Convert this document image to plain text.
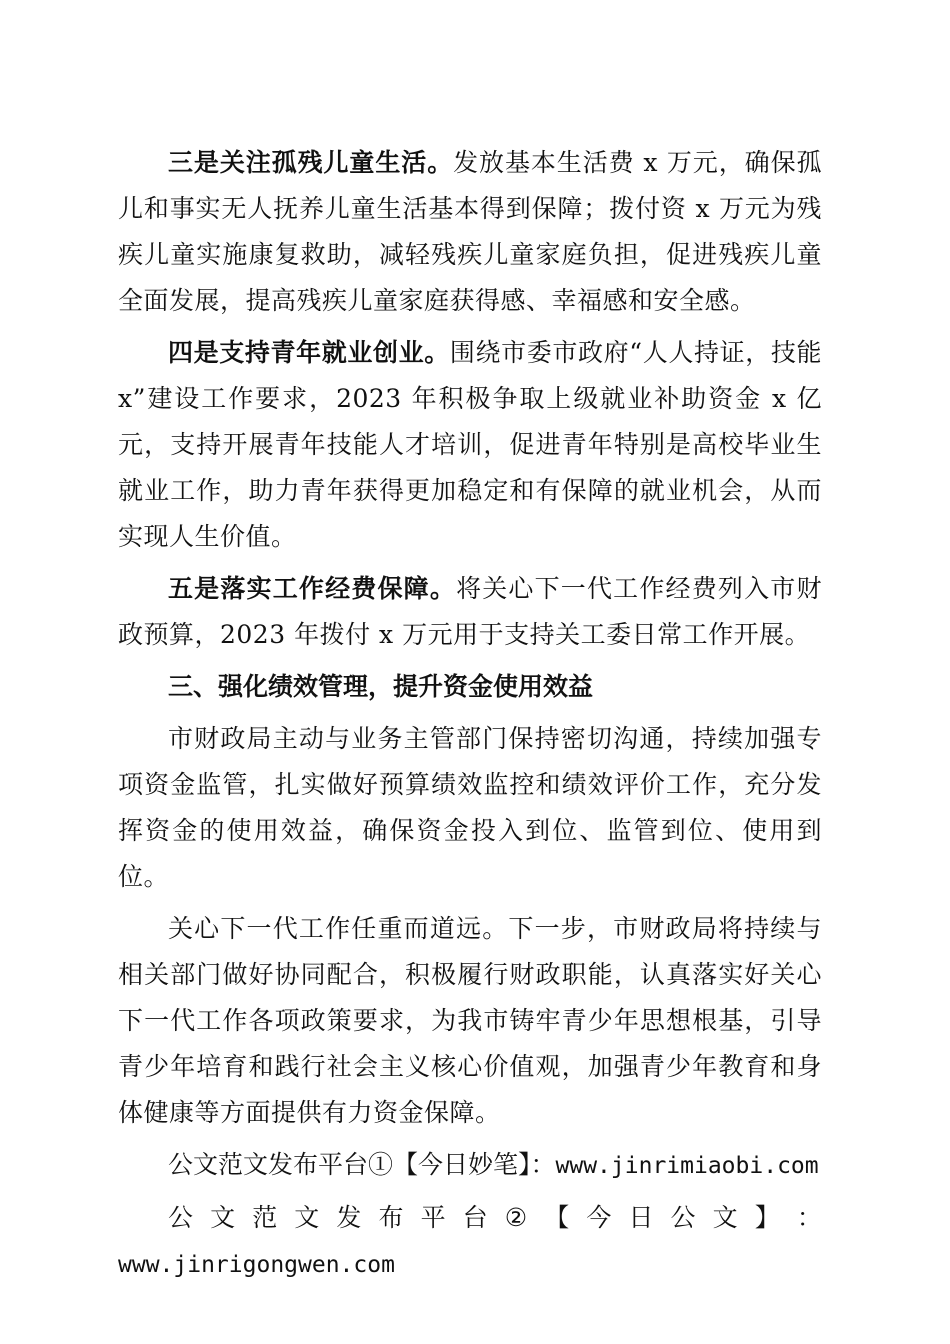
三是关注孤残儿童生活。发放基本生活费 x 万元，确保孤儿和事实无人抚养儿童生活基本得到保障；拨付资 x 万元为残疾儿童实施康复救助，减轻残疾儿童家庭负担，促进残疾儿童全面发展，提高残疾儿童家庭获得感、幸福感和安全感。

四是支持青年就业创业。围绕市委市政府“人人持证，技能 x”建设工作要求，2023 年积极争取上级就业补助资金 x 亿元，支持开展青年技能人才培训，促进青年特别是高校毕业生就业工作，助力青年获得更加稳定和有保障的就业机会，从而实现人生价值。

五是落实工作经费保障。将关心下一代工作经费列入市财政预算，2023 年拨付 x 万元用于支持关工委日常工作开展。

三、强化绩效管理，提升资金使用效益

市财政局主动与业务主管部门保持密切沟通，持续加强专项资金监管，扎实做好预算绩效监控和绩效评价工作，充分发挥资金的使用效益，确保资金投入到位、监管到位、使用到位。

关心下一代工作任重而道远。下一步，市财政局将持续与相关部门做好协同配合，积极履行财政职能，认真落实好关心下一代工作各项政策要求，为我市铸牢青少年思想根基，引导青少年培育和践行社会主义核心价值观，加强青少年教育和身体健康等方面提供有力资金保障。

公文范文发布平台①【今日妙笔】：www.jinrimiaobi.com

公 文 范 文 发 布 平 台 ② 【 今 日 公 文 】 ：

www.jinrigongwen.com
